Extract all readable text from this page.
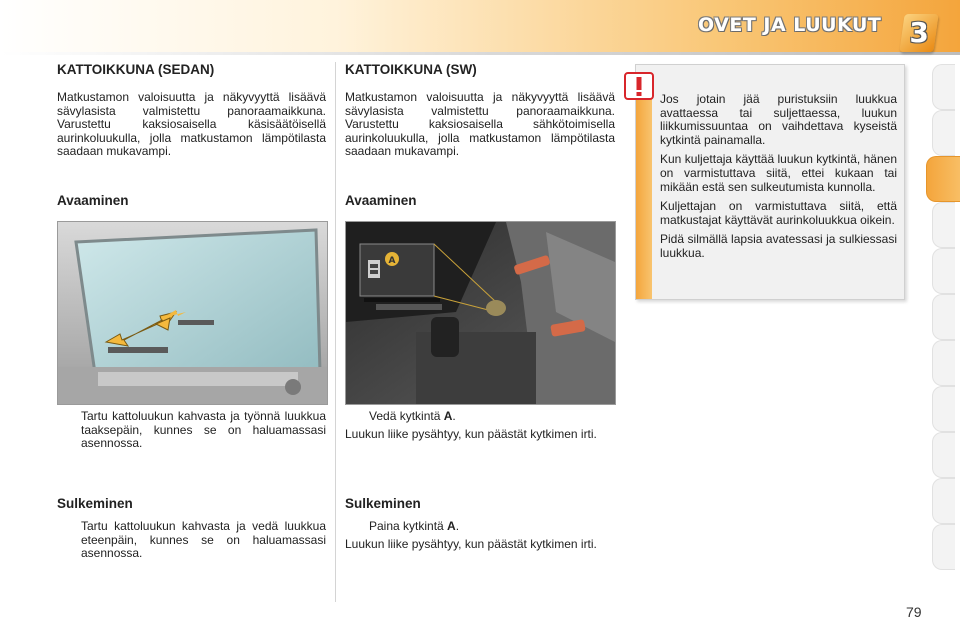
OVET JA LUUKUT 3
KATTOIKKUNA (SEDAN)
Matkustamon valoisuutta ja näkyvyyttä lisäävä sävylasista valmistettu panoraamaikkuna. Varustettu kaksiosaisella käsisäätöisellä aurinkoluukulla, jolla matkustamon lämpötilasta saadaan mukavampi.
Avaaminen
Tartu kattoluukun kahvasta ja työnnä luukkua taaksepäin, kunnes se on haluamassasi asennossa.
Sulkeminen
Tartu kattoluukun kahvasta ja vedä luukkua eteenpäin, kunnes se on haluamassasi asennossa.
KATTOIKKUNA (SW)
Matkustamon valoisuutta ja näkyvyyttä lisäävä sävylasista valmistettu panoraamaikkuna. Varustettu kaksiosaisella sähkötoimisella aurinkoluukulla, jolla matkustamon lämpötilasta saadaan mukavampi.
Avaaminen
A
Vedä kytkintä A.
Luukun liike pysähtyy, kun päästät kytkimen irti.
Sulkeminen
Paina kytkintä A.
Luukun liike pysähtyy, kun päästät kytkimen irti.

Jos jotain jää puristuksiin luukkua avattaessa tai suljettaessa, luukun liikkumissuuntaa on vaihdettava kyseistä kytkintä painamalla.

Kun kuljettaja käyttää luukun kytkintä, hänen on varmistuttava siitä, ettei kukaan tai mikään estä sen sulkeutumista kunnolla.

Kuljettajan on varmistuttava siitä, että matkustajat käyttävät aurinkoluukkua oikein.

Pidä silmällä lapsia avatessasi ja sulkiessasi luukkua.

79
